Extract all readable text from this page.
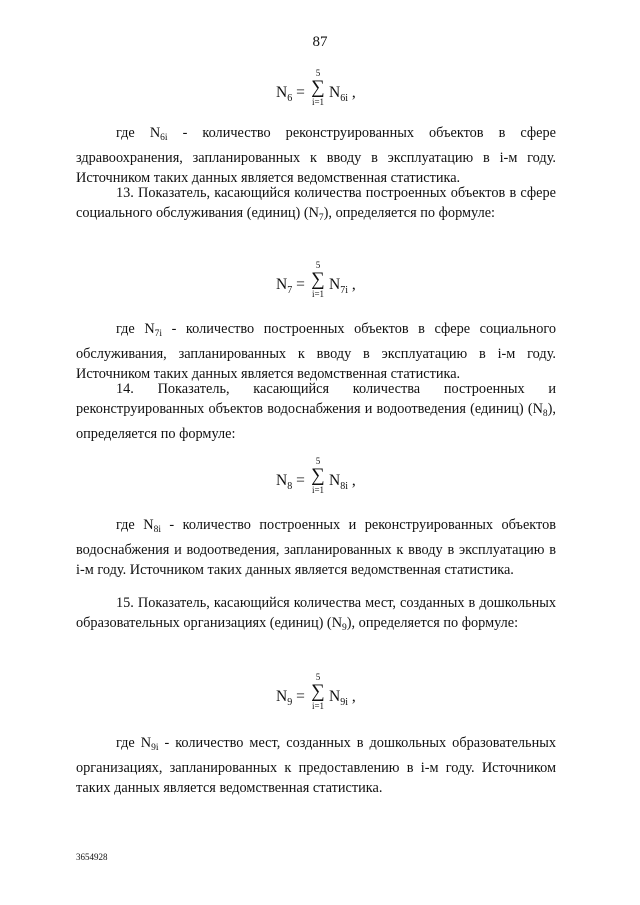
87
$N_6$ =
5
∑
i=1
$N_{6i}$ ,

где $N_{6i}$ - количество реконструированных объектов в сфере здравоохранения, запланированных к вводу в эксплуатацию в i-м году. Источником таких данных является ведомственная статистика.

13. Показатель, касающийся количества построенных объектов в сфере социального обслуживания (единиц) $(N_7)$, определяется по формуле:

$N_7$ =
5
∑
i=1
$N_{7i}$ ,

где $N_{7i}$ - количество построенных объектов в сфере социального обслуживания, запланированных к вводу в эксплуатацию в i-м году. Источником таких данных является ведомственная статистика.

14. Показатель, касающийся количества построенных и реконструированных объектов водоснабжения и водоотведения (единиц) $(N_8)$, определяется по формуле:

$N_8$ =
5
∑
i=1
$N_{8i}$ ,

где $N_{8i}$ - количество построенных и реконструированных объектов водоснабжения и водоотведения, запланированных к вводу в эксплуатацию в i-м году. Источником таких данных является ведомственная статистика.

15. Показатель, касающийся количества мест, созданных в дошкольных образовательных организациях (единиц) $(N_9)$, определяется по формуле:

$N_9$ =
5
∑
i=1
$N_{9i}$ ,

где $N_{9i}$ - количество мест, созданных в дошкольных образовательных организациях, запланированных к предоставлению в i-м году. Источником таких данных является ведомственная статистика.

3654928
